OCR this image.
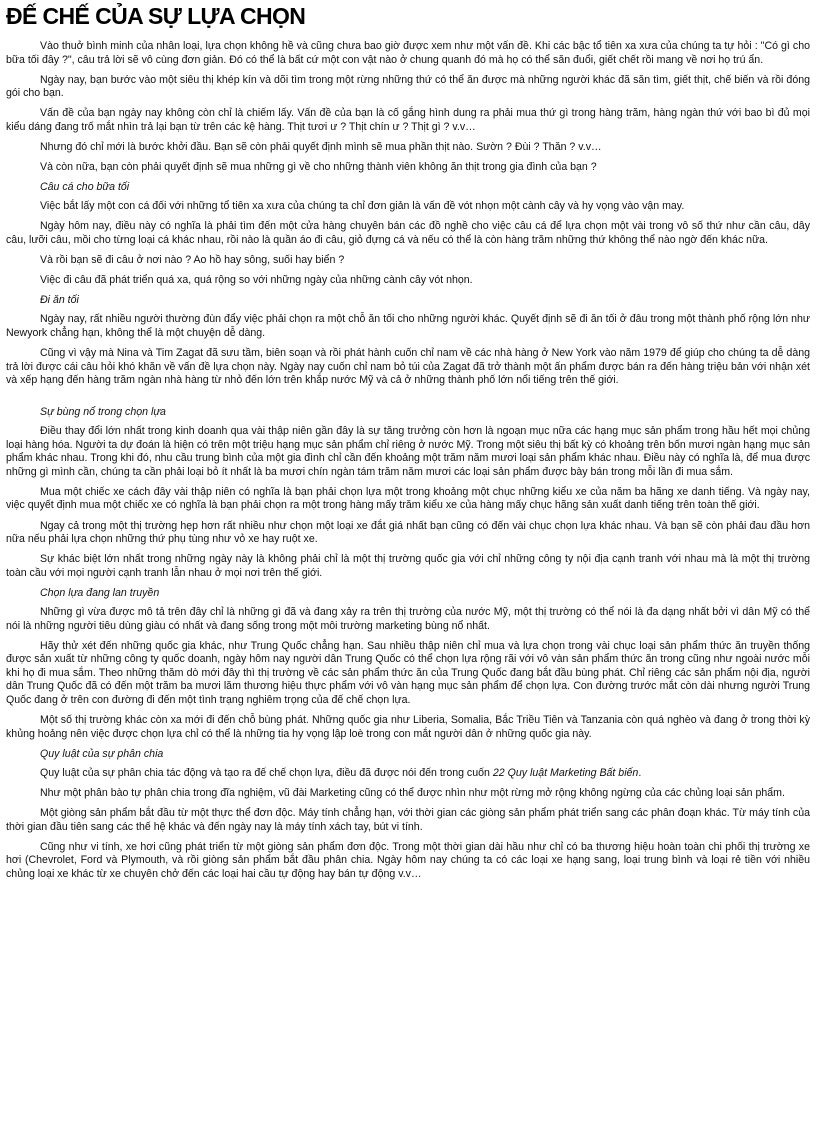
ĐẾ CHẾ CỦA SỰ LỰA CHỌN

Vào thuở bình minh của nhân loại, lựa chọn không hề và cũng chưa bao giờ được xem như một vấn đề. Khi các bậc tổ tiên xa xưa của chúng ta tự hỏi : "Có gì cho bữa tối đây ?", câu trả lời sẽ vô cùng đơn giản. Đó có thể là bất cứ một con vật nào ở chung quanh đó mà họ có thể săn đuổi, giết chết rồi mang về nơi họ trú ẩn.

Ngày nay, bạn bước vào một siêu thị khép kín và dõi tìm trong một rừng những thứ có thể ăn được mà những người khác đã săn tìm, giết thịt, chế biến và rồi đóng gói cho bạn.

Vấn đề của bạn ngày nay không còn chỉ là chiếm lấy. Vấn đề của bạn là cố gắng hình dung ra phải mua thứ gì trong hàng trăm, hàng ngàn thứ với bao bì đủ mọi kiểu dáng đang trố mắt nhìn trả lại bạn từ trên các kệ hàng. Thịt tươi ư ? Thịt chín ư ? Thịt gì ? v.v…

Nhưng đó chỉ mới là bước khởi đầu. Bạn sẽ còn phải quyết định mình sẽ mua phần thịt nào. Sườn ? Đùi ? Thăn ? v.v…

Và còn nữa, bạn còn phải quyết định sẽ mua những gì về cho những thành viên không ăn thịt trong gia đình của bạn ?

Câu cá cho bữa tối

Việc bắt lấy một con cá đối với những tổ tiên xa xưa của chúng ta chỉ đơn giản là vấn đề vót nhọn một cành cây và hy vọng vào vận may.

Ngày hôm nay, điều này có nghĩa là phải tìm đến một cửa hàng chuyên bán các đồ nghề cho việc câu cá để lựa chọn một vài trong vô số thứ như cần câu, dây câu, lưỡi câu, mồi cho từng loại cá khác nhau, rồi nào là quần áo đi câu, giỏ đựng cá và nếu có thể là còn hàng trăm những thứ không thể nào ngờ đến khác nữa.

Và rồi bạn sẽ đi câu ở nơi nào ? Ao hồ hay sông, suối hay biển ?

Việc đi câu đã phát triển quá xa, quá rộng so với những ngày của những cành cây vót nhọn.

Đi ăn tối

Ngày nay, rất nhiều người thường đùn đẩy việc phải chọn ra một chỗ ăn tối cho những người khác. Quyết định sẽ đi ăn tối ở đâu trong một thành phố rộng lớn như Newyork chẳng hạn, không thể là một chuyện dễ dàng.

Cũng vì vậy mà Nina và Tim Zagat đã sưu tầm, biên soạn và rồi phát hành cuốn chỉ nam về các nhà hàng ở New York vào năm 1979 để giúp cho chúng ta dễ dàng trả lời được cái câu hỏi khó khăn về vấn đề lựa chọn này. Ngày nay cuốn chỉ nam bỏ túi của Zagat đã trở thành một ấn phẩm được bán ra đến hàng triệu bản với nhận xét và xếp hạng đến hàng trăm ngàn nhà hàng từ nhỏ đến lớn trên khắp nước Mỹ và cả ở những thành phố lớn nổi tiếng trên thế giới.

Sự bùng nổ trong chọn lựa

Điều thay đổi lớn nhất trong kinh doanh qua vài thập niên gần đây là sự tăng trưởng còn hơn là ngoạn mục nữa các hạng mục sản phẩm trong hầu hết mọi chủng loại hàng hóa. Người ta dự đoán là hiện có trên một triệu hạng mục sản phẩm chỉ riêng ở nước Mỹ. Trong một siêu thị bất kỳ có khoảng trên bốn mươi ngàn hạng mục sản phẩm khác nhau. Trong khi đó, nhu cầu trung bình của một gia đình chỉ cần đến khoảng một trăm năm mươi loại sản phẩm khác nhau. Điều này có nghĩa là, để mua được những gì mình cần, chúng ta cần phải loại bỏ ít nhất là ba mươi chín ngàn tám trăm năm mươi các loại sản phẩm được bày bán trong mỗi lần đi mua sắm.

Mua một chiếc xe cách đây vài thập niên có nghĩa là bạn phải chọn lựa một trong khoảng một chục những kiểu xe của năm ba hãng xe danh tiếng. Và ngày nay, việc quyết định mua một chiếc xe có nghĩa là bạn phải chọn ra một trong hàng mấy trăm kiểu xe của hàng mấy chục hãng sản xuất danh tiếng trên toàn thế giới.

Ngay cả trong một thị trường hẹp hơn rất nhiều như chọn một loại xe đắt giá nhất bạn cũng có đến vài chục chọn lựa khác nhau. Và bạn sẽ còn phải đau đầu hơn nữa nếu phải lựa chọn những thứ phụ tùng như vỏ xe hay ruột xe.

Sự khác biệt lớn nhất trong những ngày này là không phải chỉ là một thị trường quốc gia với chỉ những công ty nội địa cạnh tranh với nhau mà là một thị trường toàn cầu với mọi người cạnh tranh lẫn nhau ở mọi nơi trên thế giới.

Chọn lựa đang lan truyền

Những gì vừa được mô tả trên đây chỉ là những gì đã và đang xảy ra trên thị trường của nước Mỹ, một thị trường có thể nói là đa dạng nhất bởi vì dân Mỹ có thể nói là những người tiêu dùng giàu có nhất và đang sống trong một môi trường marketing bùng nổ nhất.

Hãy thử xét đến những quốc gia khác, như Trung Quốc chẳng hạn. Sau nhiều thập niên chỉ mua và lựa chọn trong vài chục loại sản phẩm thức ăn truyền thống được sản xuất từ những công ty quốc doanh, ngày hôm nay người dân Trung Quốc có thể chọn lựa rộng rãi với vô vàn sản phẩm thức ăn trong cũng như ngoài nước mỗi khi họ đi mua sắm. Theo những thăm dò mới đây thì thị trường về các sản phẩm thức ăn của Trung Quốc đang bắt đầu bùng phát. Chỉ riêng các sản phẩm nội địa, người dân Trung Quốc đã có đến một trăm ba mươi lăm thương hiệu thực phẩm với vô vàn hạng mục sản phẩm để chọn lựa. Con đường trước mắt còn dài nhưng người Trung Quốc đang ở trên con đường đi đến một tình trạng nghiêm trọng của đế chế chọn lựa.

Một số thị trường khác còn xa mới đi đến chỗ bùng phát. Những quốc gia như Liberia, Somalia, Bắc Triều Tiên và Tanzania còn quá nghèo và đang ở trong thời kỳ khủng hoảng nên việc được chọn lựa chỉ có thể là những tia hy vọng lập loè trong con mắt người dân ở những quốc gia này.

Quy luật của sự phân chia

Quy luật của sự phân chia tác động và tạo ra đế chế chọn lựa, điều đã được nói đến trong cuốn 22 Quy luật Marketing Bất biến.

Như một phân bào tự phân chia trong đĩa nghiệm, vũ đài Marketing cũng có thể được nhìn như một rừng mở rộng không ngừng của các chủng loại sản phẩm.

Một giòng sản phẩm bắt đầu từ một thực thể đơn độc. Máy tính chẳng hạn, với thời gian các giòng sản phẩm phát triển sang các phân đoạn khác. Từ máy tính của thời gian đầu tiên sang các thế hệ khác và đến ngày nay là máy tính xách tay, bút vi tính.

Cũng như vi tính, xe hơi cũng phát triển từ một giòng sản phẩm đơn độc. Trong một thời gian dài hầu như chỉ có ba thương hiệu hoàn toàn chi phối thị trường xe hơi (Chevrolet, Ford và Plymouth, và rồi giòng sản phẩm bắt đầu phân chia. Ngày hôm nay chúng ta có các loại xe hạng sang, loại trung bình và loại rẻ tiền với nhiều chủng loại xe khác từ xe chuyên chở đến các loại hai cầu tự động hay bán tự động v.v…
